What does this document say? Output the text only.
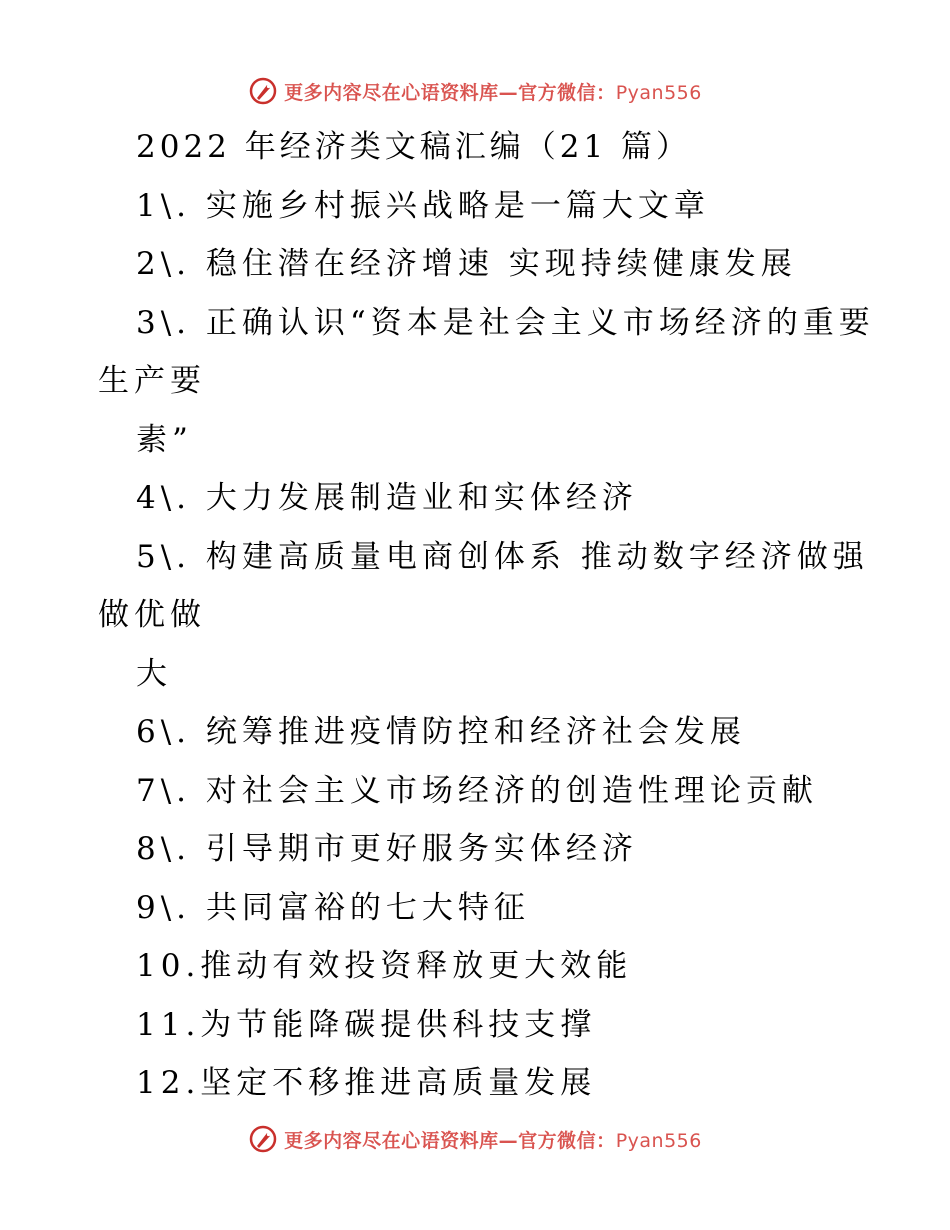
更多内容尽在心语资料库—官方微信：Pyan556
2022 年经济类文稿汇编（21 篇）
1\. 实施乡村振兴战略是一篇大文章
2\. 稳住潜在经济增速 实现持续健康发展
3\. 正确认识“资本是社会主义市场经济的重要
生产要
素”
4\. 大力发展制造业和实体经济
5\. 构建高质量电商创体系 推动数字经济做强
做优做
大
6\. 统筹推进疫情防控和经济社会发展
7\. 对社会主义市场经济的创造性理论贡献
8\. 引导期市更好服务实体经济
9\. 共同富裕的七大特征
10.推动有效投资释放更大效能
11.为节能降碳提供科技支撑
12.坚定不移推进高质量发展
更多内容尽在心语资料库—官方微信：Pyan556
